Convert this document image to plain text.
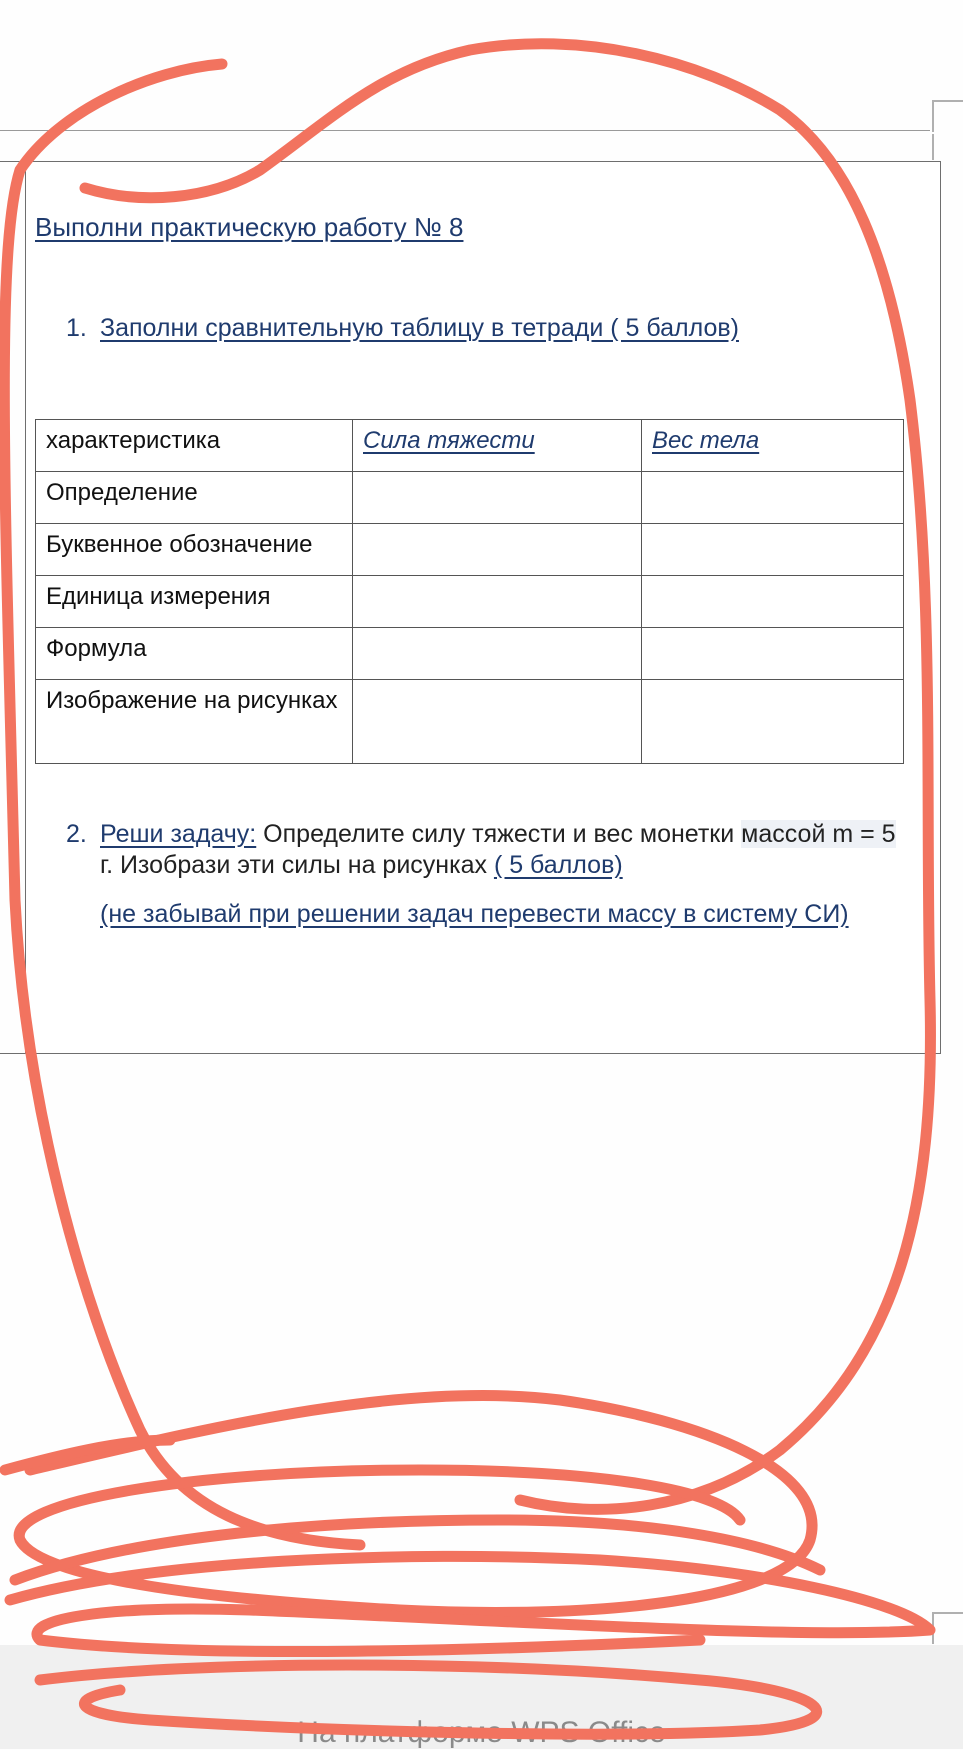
Выполни практическую работу № 8
1. Заполни сравнительную таблицу в тетради ( 5 баллов)
характеристика	Сила тяжести	Вес тела
Определение		
Буквенное обозначение		
Единица измерения		
Формула		
Изображение на рисунках		
2. Реши задачу: Определите силу тяжести и вес монетки массой m = 5
г. Изобрази эти силы на рисунках ( 5 баллов)
(не забывай при решении задач перевести массу в систему СИ)
На платформе WPS Office
